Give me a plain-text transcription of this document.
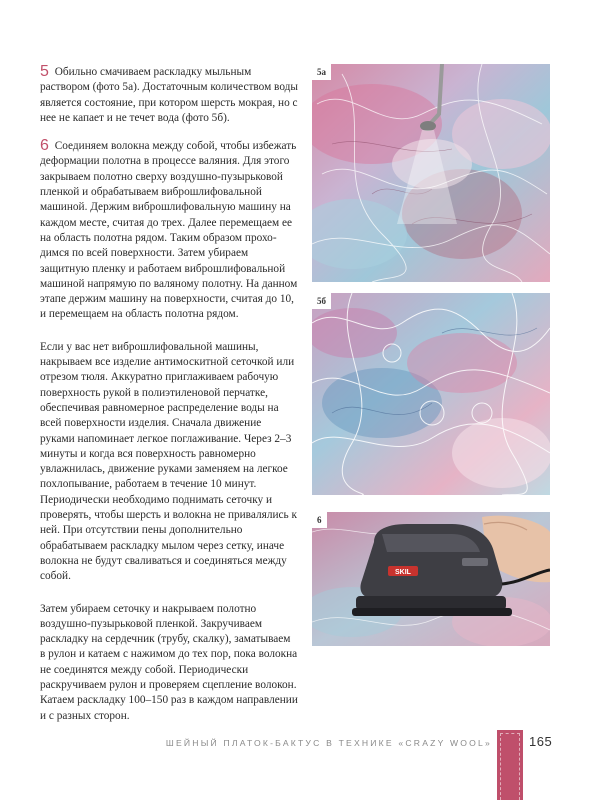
5 Обильно смачиваем раскладку мыльным раствором (фото 5а). Достаточным количеством воды является состояние, при котором шерсть мокрая, но с нее не капает и не течет вода (фото 5б).

6 Соединяем волокна между собой, чтобы избежать деформации полотна в процессе валяния. Для этого закрываем полотно сверху воздушно-пузырьковой пленкой и обрабатываем виброшлифовальной машиной. Держим виброшлифовальную машину на каждом месте, считая до трех. Далее перемещаем ее на область полотна рядом. Таким образом проходимся по всей поверхности. Затем убираем защитную пленку и работаем виброшлифовальной машиной напрямую по валяному полотну. На данном этапе держим машину на поверхности, считая до 10, и перемещаем на область полотна рядом.

Если у вас нет виброшлифовальной машины, накрываем все изделие антимоскитной сеточкой или отрезом тюля. Аккуратно приглаживаем рабочую поверхность рукой в полиэтиленовой перчатке, обеспечивая равномерное распределение воды на всей поверхности изделия. Сначала движение руками напоминает легкое поглаживание. Через 2–3 минуты и когда вся поверхность равномерно увлажнилась, движение руками заменяем на легкое похлопывание, работаем в течение 10 минут. Периодически необходимо поднимать сеточку и проверять, чтобы шерсть и волокна не привалялись к ней. При отсутствии пены дополнительно обрабатываем раскладку мылом через сетку, иначе волокна не будут сваливаться и соединяться между собой.

Затем убираем сеточку и накрываем полотно воздушно-пузырьковой пленкой. Закручиваем раскладку на сердечник (трубу, скалку), заматываем в рулон и катаем с нажимом до тех пор, пока волокна не соединятся между собой. Периодически раскручиваем рулон и проверяем сцепление волокон. Катаем раскладку 100–150 раз в каждом направлении и с разных сторон.

5а
5б
SKIL
6
ШЕЙНЫЙ ПЛАТОК-БАКТУС В ТЕХНИКЕ «CRAZY WOOL»	165
